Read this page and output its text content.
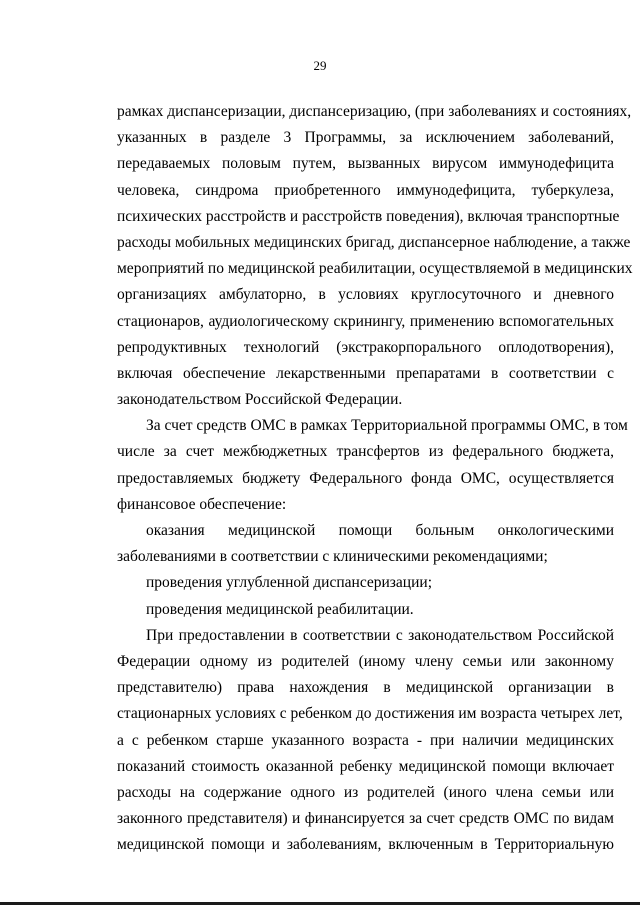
29
рамках диспансеризации, диспансеризацию, (при заболеваниях и состояниях,
указанных в разделе 3 Программы, за исключением заболеваний,
передаваемых половым путем, вызванных вирусом иммунодефицита
человека, синдрома приобретенного иммунодефицита, туберкулеза,
психических расстройств и расстройств поведения), включая транспортные
расходы мобильных медицинских бригад, диспансерное наблюдение, а также
мероприятий по медицинской реабилитации, осуществляемой в медицинских
организациях амбулаторно, в условиях круглосуточного и дневного
стационаров, аудиологическому скринингу, применению вспомогательных
репродуктивных технологий (экстракорпорального оплодотворения),
включая обеспечение лекарственными препаратами в соответствии с
законодательством Российской Федерации.
За счет средств ОМС в рамках Территориальной программы ОМС, в том
числе за счет межбюджетных трансфертов из федерального бюджета,
предоставляемых бюджету Федерального фонда ОМС, осуществляется
финансовое обеспечение:
оказания медицинской помощи больным онкологическими
заболеваниями в соответствии с клиническими рекомендациями;
проведения углубленной диспансеризации;
проведения медицинской реабилитации.
При предоставлении в соответствии с законодательством Российской
Федерации одному из родителей (иному члену семьи или законному
представителю) права нахождения в медицинской организации в
стационарных условиях с ребенком до достижения им возраста четырех лет,
а с ребенком старше указанного возраста - при наличии медицинских
показаний стоимость оказанной ребенку медицинской помощи включает
расходы на содержание одного из родителей (иного члена семьи или
законного представителя) и финансируется за счет средств ОМС по видам
медицинской помощи и заболеваниям, включенным в Территориальную
